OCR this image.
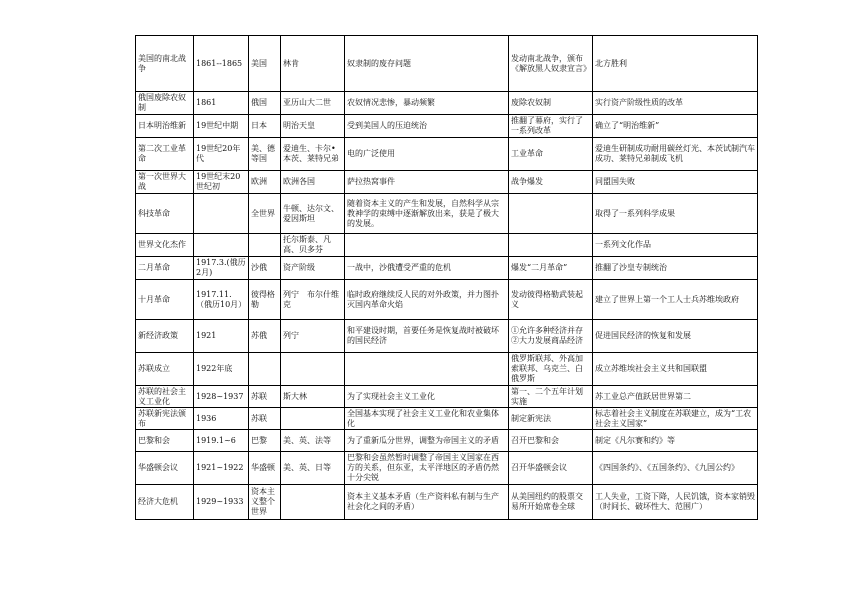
美国的南北战争	1861--1865	美国	林肯	奴隶制的废存问题	发动南北战争，颁布《解放黑人奴隶宣言》	北方胜利
俄国废除农奴制	1861	俄国	亚历山大二世	农奴情况悲惨，暴动频繁	废除农奴制	实行资产阶级性质的改革
日本明治维新	19世纪中期	日本	明治天皇	受到美国人的压迫统治	推翻了幕府，实行了一系列改革	确立了“明治维新”
第二次工业革命	19世纪20年代	美、德等国	爱迪生、卡尔•本茨、莱特兄弟	电的广泛使用	工业革命	爱迪生研制成功耐用碳丝灯光、本茨试制汽车成功、莱特兄弟制成飞机
第一次世界大战	19世纪末20世纪初	欧洲	欧洲各国	萨拉热窝事件	战争爆发	同盟国失败
科技革命		全世界	牛顿、达尔文、爱因斯坦	随着资本主义的产生和发展，自然科学从宗教神学的束缚中逐渐解放出来，获是了极大的发展。		取得了一系列科学成果
世界文化杰作			托尔斯泰、凡高、贝多芬			一系列文化作品
二月革命	1917.3.(俄历2月)	沙俄	资产阶级	一战中，沙俄遭受严重的危机	爆发“二月革命”	推翻了沙皇专制统治
十月革命	1917.11.（俄历10月）	彼得格勒	列宁　布尔什维克	临时政府继续反人民的对外政策，并力图扑灭国内革命火焰	发动彼得格勒武装起义	建立了世界上第一个工人士兵苏维埃政府
新经济政策	1921	苏俄	列宁	和平建设时期，首要任务是恢复战时被破坏的国民经济	①允许多种经济并存②大力发展商品经济	促进国民经济的恢复和发展
苏联成立	1922年底				俄罗斯联邦、外高加索联邦、乌克兰、白俄罗斯	成立苏维埃社会主义共和国联盟
苏联的社会主义工业化	1928~1937	苏联	斯大林	为了实现社会主义工业化	第一、二个五年计划实施	苏工业总产值跃居世界第二
苏联新宪法颁布	1936	苏联		全国基本实现了社会主义工业化和农业集体化	制定新宪法	标志着社会主义制度在苏联建立，成为“工农社会主义国家”
巴黎和会	1919.1~6	巴黎	美、英、法等	为了重新瓜分世界，调整为帝国主义的矛盾	召开巴黎和会	制定《凡尔赛和约》等
华盛顿会议	1921~1922	华盛顿	美、英、日等	巴黎和会虽然暂时调整了帝国主义国家在西方的关系，但东亚，太平洋地区的矛盾仍然十分尖锐	召开华盛顿会议	《四国条约》、《五国条约》、《九国公约》
经济大危机	1929~1933	资本主义整个世界		资本主义基本矛盾（生产资料私有制与生产社会化之间的矛盾）	从美国纽约的股票交易所开始席卷全球	工人失业，工资下降，人民饥饿，资本家销毁（时间长、破坏性大、范围广）
